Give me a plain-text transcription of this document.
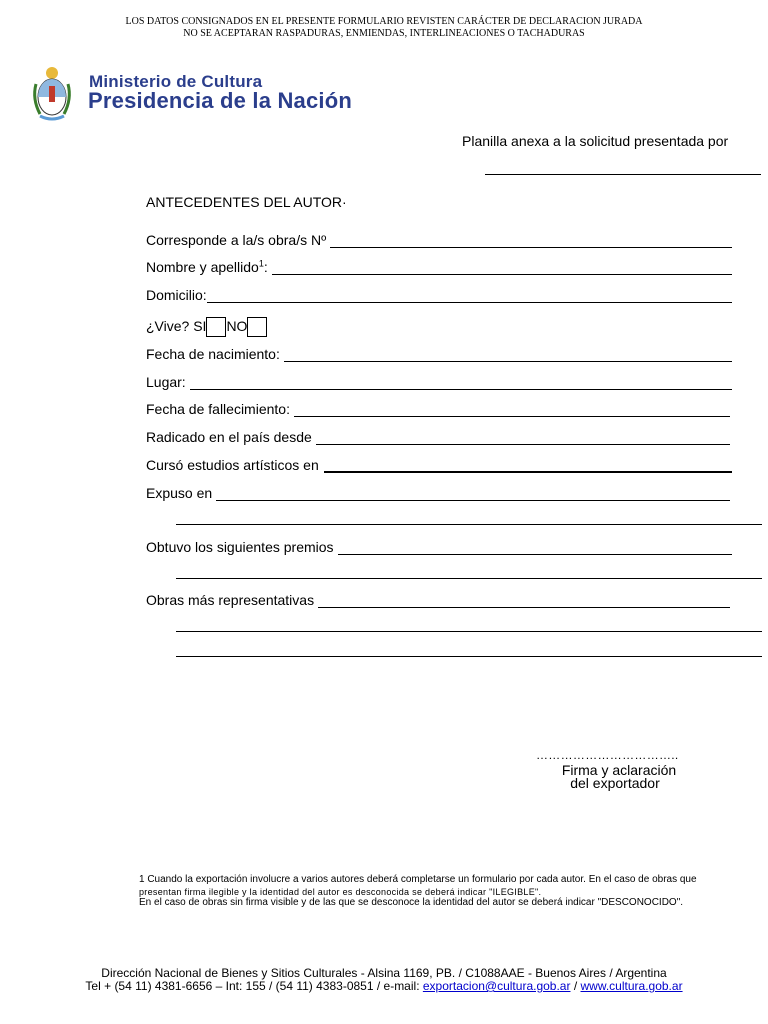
LOS DATOS CONSIGNADOS EN EL PRESENTE FORMULARIO REVISTEN CARÁCTER DE DECLARACION JURADA
NO SE ACEPTARAN RASPADURAS, ENMIENDAS, INTERLINEACIONES O TACHADURAS
Ministerio de Cultura
Presidencia de la Nación
Planilla anexa a la solicitud presentada por
ANTECEDENTES DEL AUTOR·
Corresponde a la/s obra/s Nº
Nombre y apellido$^1$:
Domicilio:
¿Vive? SI NO
Fecha de nacimiento:
Lugar:
Fecha de fallecimiento:
Radicado en el país desde
Cursó estudios artísticos en
Expuso en
Obtuvo los siguientes premios
Obras más representativas
……………………………..
Firma y aclaración
del exportador
1 Cuando la exportación involucre a varios autores deberá completarse un formulario por cada autor. En el caso de obras que
presentan firma ilegible y la identidad del autor es desconocida se deberá indicar "ILEGIBLE".
En el caso de obras sin firma visible y de las que se desconoce la identidad del autor se deberá indicar "DESCONOCIDO".
Dirección Nacional de Bienes y Sitios Culturales - Alsina 1169, PB. / C1088AAE - Buenos Aires / Argentina
Tel + (54 11) 4381-6656 – Int: 155 / (54 11) 4383-0851 / e-mail: exportacion@cultura.gob.ar / www.cultura.gob.ar
